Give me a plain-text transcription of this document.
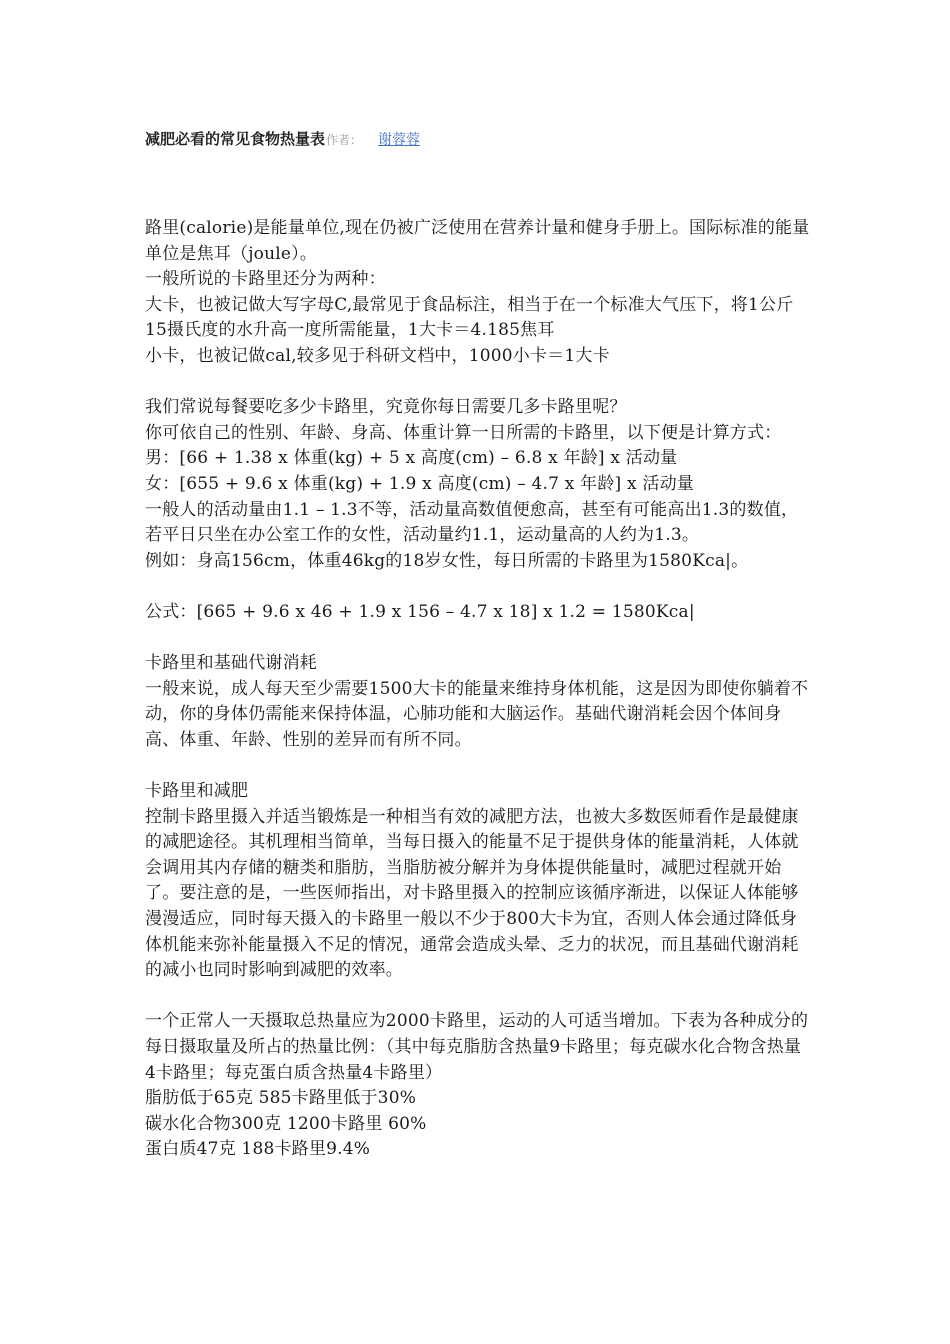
减肥必看的常见食物热量表作者： 谢蓉蓉

路里(calorie)是能量单位,现在仍被广泛使用在营养计量和健身手册上。国际标准的能量单位是焦耳（joule）。

一般所说的卡路里还分为两种：

大卡，也被记做大写字母C,最常见于食品标注，相当于在一个标准大气压下，将1公斤15摄氏度的水升高一度所需能量，1大卡＝4.185焦耳

小卡，也被记做cal,较多见于科研文档中，1000小卡＝1大卡

我们常说每餐要吃多少卡路里，究竟你每日需要几多卡路里呢？

你可依自己的性别、年龄、身高、体重计算一日所需的卡路里，以下便是计算方式：

男：[66 + 1.38 x 体重(kg) + 5 x 高度(cm) – 6.8 x 年龄] x 活动量

女：[655 + 9.6 x 体重(kg) + 1.9 x 高度(cm) – 4.7 x 年龄] x 活动量

一般人的活动量由1.1 – 1.3不等，活动量高数值便愈高，甚至有可能高出1.3的数值，若平日只坐在办公室工作的女性，活动量约1.1，运动量高的人约为1.3。

例如：身高156cm，体重46kg的18岁女性，每日所需的卡路里为1580Kca|。

公式：[665 + 9.6 x 46 + 1.9 x 156 – 4.7 x 18] x 1.2 = 1580Kca|

卡路里和基础代谢消耗

一般来说，成人每天至少需要1500大卡的能量来维持身体机能，这是因为即使你躺着不动，你的身体仍需能来保持体温，心肺功能和大脑运作。基础代谢消耗会因个体间身高、体重、年龄、性别的差异而有所不同。

卡路里和减肥

控制卡路里摄入并适当锻炼是一种相当有效的减肥方法，也被大多数医师看作是最健康的减肥途径。其机理相当简单，当每日摄入的能量不足于提供身体的能量消耗，人体就会调用其内存储的糖类和脂肪，当脂肪被分解并为身体提供能量时，减肥过程就开始了。要注意的是，一些医师指出，对卡路里摄入的控制应该循序渐进，以保证人体能够漫漫适应，同时每天摄入的卡路里一般以不少于800大卡为宜，否则人体会通过降低身体机能来弥补能量摄入不足的情况，通常会造成头晕、乏力的状况，而且基础代谢消耗的减小也同时影响到减肥的效率。

一个正常人一天摄取总热量应为2000卡路里，运动的人可适当增加。下表为各种成分的每日摄取量及所占的热量比例：（其中每克脂肪含热量9卡路里；每克碳水化合物含热量4卡路里；每克蛋白质含热量4卡路里）

脂肪低于65克 585卡路里低于30%

碳水化合物300克 1200卡路里 60%

蛋白质47克 188卡路里9.4%
